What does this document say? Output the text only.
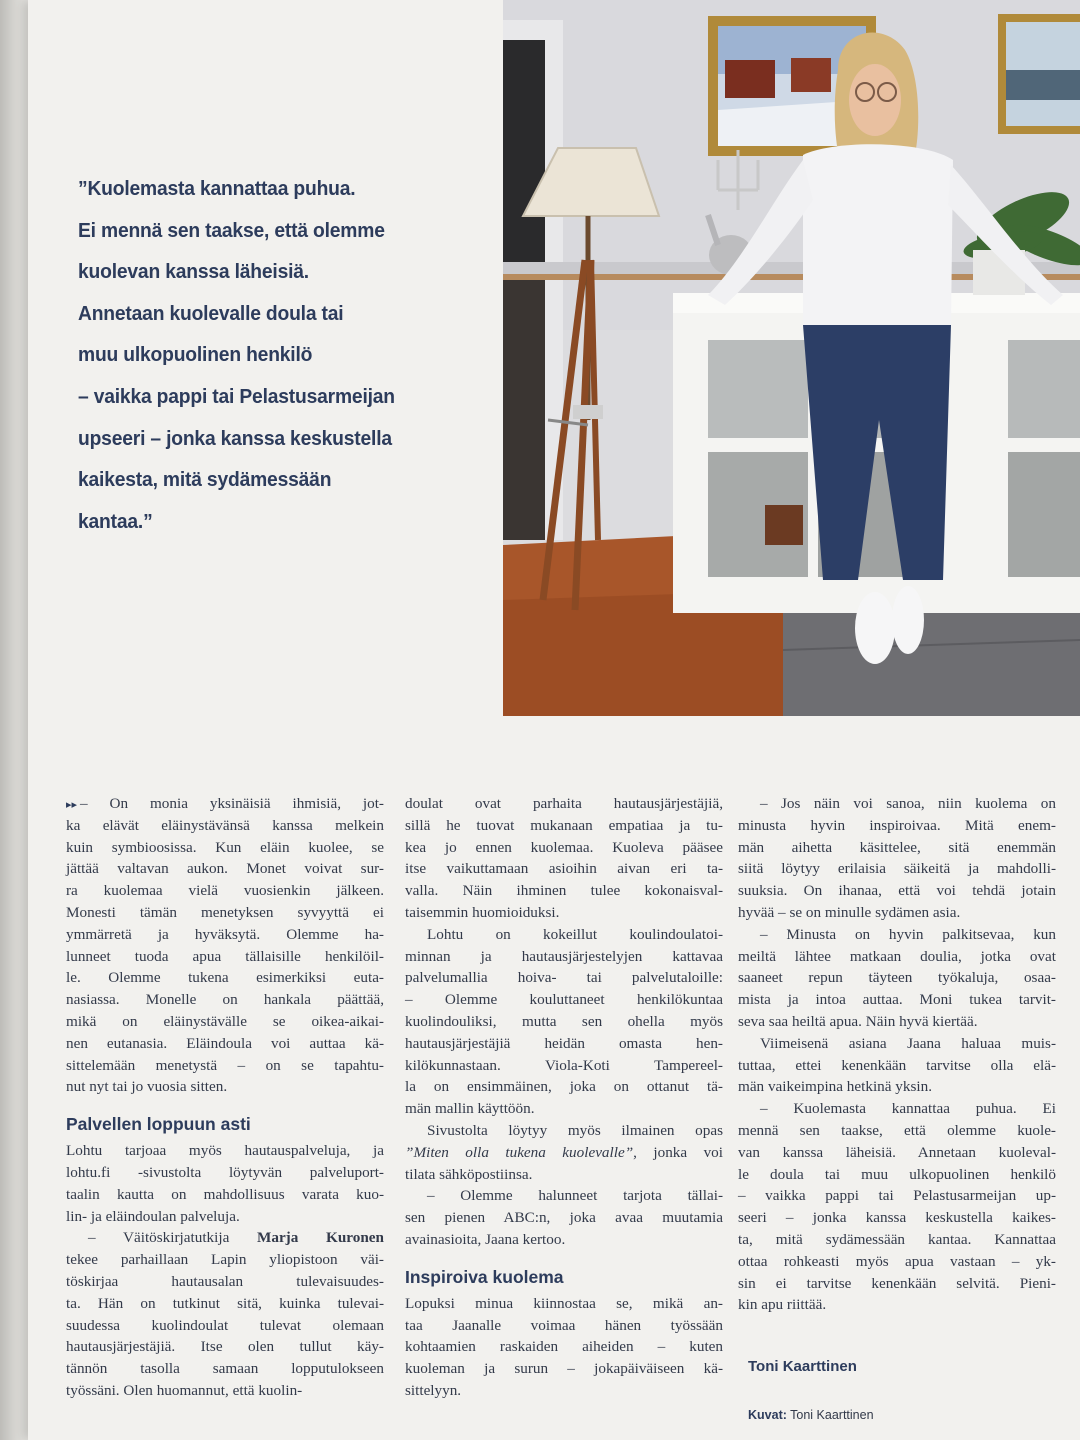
”Kuolemasta kannattaa puhua.
Ei mennä sen taakse, että olemme
kuolevan kanssa läheisiä.
Annetaan kuolevalle doula tai
muu ulkopuolinen henkilö
– vaikka pappi tai Pelastusarmeijan
upseeri – jonka kanssa keskustella
kaikesta, mitä sydämessään
kantaa.”
▸▸ – On monia yksinäisiä ihmisiä, jot-
ka elävät eläinystävänsä kanssa melkein
kuin symbioosissa. Kun eläin kuolee, se
jättää valtavan aukon. Monet voivat sur-
ra kuolemaa vielä vuosienkin jälkeen.
Monesti tämän menetyksen syvyyttä ei
ymmärretä ja hyväksytä. Olemme ha-
lunneet tuoda apua tällaisille henkilöil-
le. Olemme tukena esimerkiksi euta-
nasiassa. Monelle on hankala päättää,
mikä on eläinystävälle se oikea-aikai-
nen eutanasia. Eläindoula voi auttaa kä-
sittelemään menetystä – on se tapahtu-
nut nyt tai jo vuosia sitten.
Palvellen loppuun asti
Lohtu tarjoaa myös hautauspalveluja, ja
lohtu.fi -sivustolta löytyvän palveluport-
taalin kautta on mahdollisuus varata kuo-
lin- ja eläindoulan palveluja.
– Väitöskirjatutkija Marja Kuronen
tekee parhaillaan Lapin yliopistoon väi-
töskirjaa hautausalan tulevaisuudes-
ta. Hän on tutkinut sitä, kuinka tulevai-
suudessa kuolindoulat tulevat olemaan
hautausjärjestäjiä. Itse olen tullut käy-
tännön tasolla samaan lopputulokseen
työssäni. Olen huomannut, että kuolin-
doulat ovat parhaita hautausjärjestäjiä,
sillä he tuovat mukanaan empatiaa ja tu-
kea jo ennen kuolemaa. Kuoleva pääsee
itse vaikuttamaan asioihin aivan eri ta-
valla. Näin ihminen tulee kokonaisval-
taisemmin huomioiduksi.
Lohtu on kokeillut koulindoulatoi-
minnan ja hautausjärjestelyjen kattavaa
palvelumallia hoiva- tai palvelutaloille:
– Olemme kouluttaneet henkilökuntaa
kuolindouliksi, mutta sen ohella myös
hautausjärjestäjiä heidän omasta hen-
kilökunnastaan. Viola-Koti Tampereel-
la on ensimmäinen, joka on ottanut tä-
män mallin käyttöön.
Sivustolta löytyy myös ilmainen opas
”Miten olla tukena kuolevalle”, jonka voi
tilata sähköpostiinsa.
– Olemme halunneet tarjota tällai-
sen pienen ABC:n, joka avaa muutamia
avainasioita, Jaana kertoo.
Inspiroiva kuolema
Lopuksi minua kiinnostaa se, mikä an-
taa Jaanalle voimaa hänen työssään
kohtaamien raskaiden aiheiden – kuten
kuoleman ja surun – jokapäiväiseen kä-
sittelyyn.
– Jos näin voi sanoa, niin kuolema on
minusta hyvin inspiroivaa. Mitä enem-
män aihetta käsittelee, sitä enemmän
siitä löytyy erilaisia säikeitä ja mahdolli-
suuksia. On ihanaa, että voi tehdä jotain
hyvää – se on minulle sydämen asia.
– Minusta on hyvin palkitsevaa, kun
meiltä lähtee matkaan doulia, jotka ovat
saaneet repun täyteen työkaluja, osaa-
mista ja intoa auttaa. Moni tukea tarvit-
seva saa heiltä apua. Näin hyvä kiertää.
Viimeisenä asiana Jaana haluaa muis-
tuttaa, ettei kenenkään tarvitse olla elä-
män vaikeimpina hetkinä yksin.
– Kuolemasta kannattaa puhua. Ei
mennä sen taakse, että olemme kuole-
van kanssa läheisiä. Annetaan kuoleval-
le doula tai muu ulkopuolinen henkilö
– vaikka pappi tai Pelastusarmeijan up-
seeri – jonka kanssa keskustella kaikes-
ta, mitä sydämessään kantaa. Kannattaa
ottaa rohkeasti myös apua vastaan – yk-
sin ei tarvitse kenenkään selvitä. Pieni-
kin apu riittää.
Toni Kaarttinen
Kuvat: Toni Kaarttinen
